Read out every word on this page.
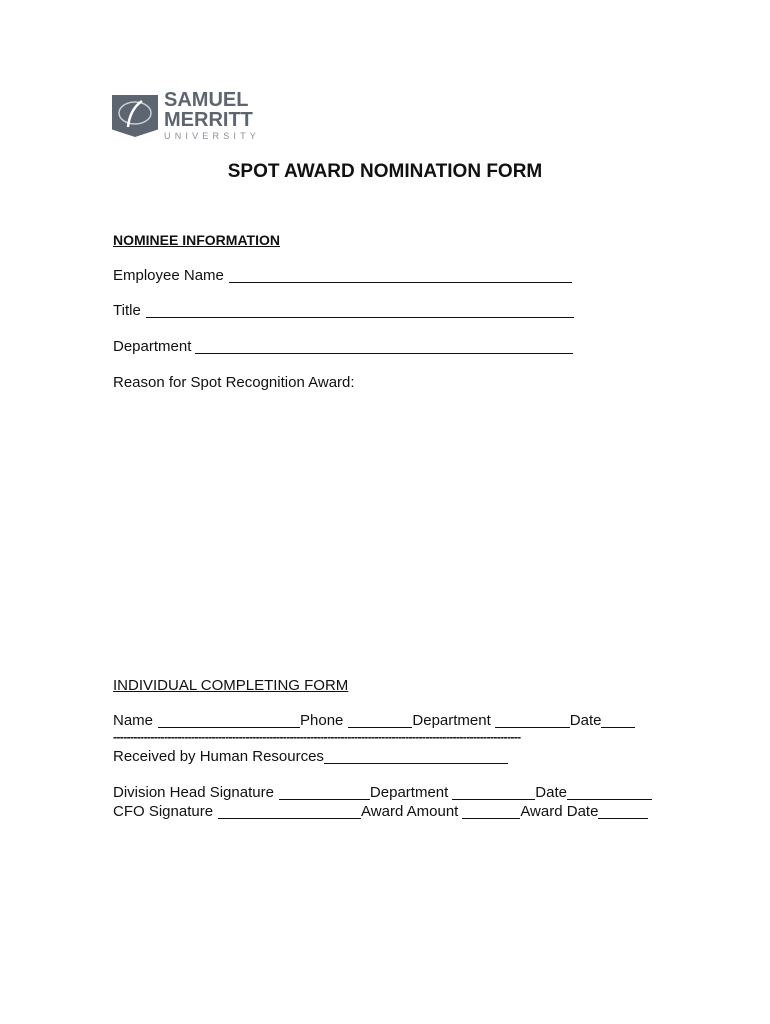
SAMUEL
MERRITT
UNIVERSITY
SPOT AWARD NOMINATION FORM
NOMINEE INFORMATION
Employee Name
Title
Department
Reason for Spot Recognition Award:
INDIVIDUAL COMPLETING FORM
Name	Phone	Department	Date
------------------------------------------------------------------------------------------------------------------------
Received by Human Resources
Division Head Signature	Department	Date
CFO Signature	Award Amount	Award Date
